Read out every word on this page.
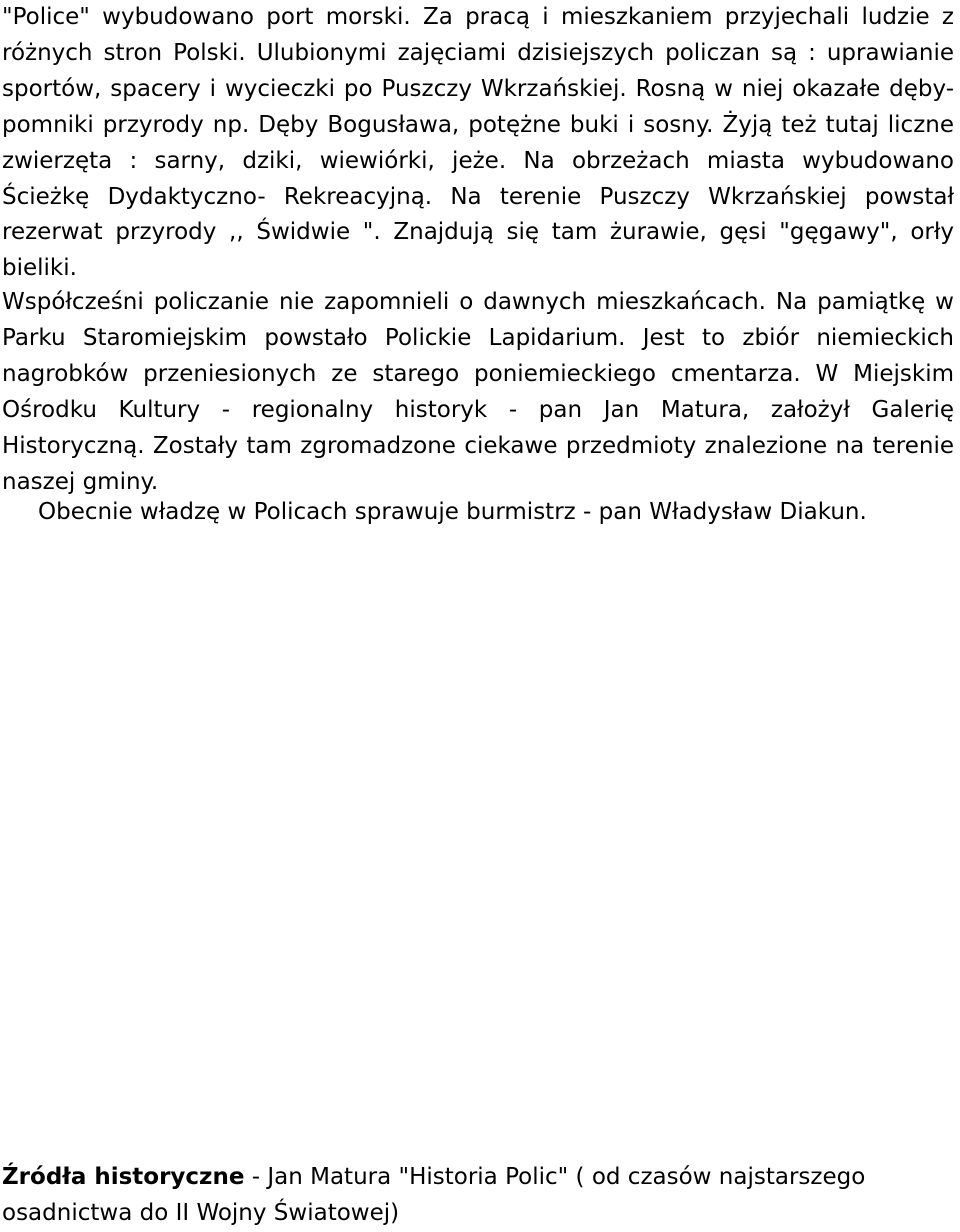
"Police" wybudowano port morski. Za pracą i mieszkaniem przyjechali ludzie z
różnych stron Polski. Ulubionymi zajęciami dzisiejszych policzan są : uprawianie
sportów, spacery i wycieczki po Puszczy Wkrzańskiej. Rosną w niej okazałe dęby-
pomniki przyrody np. Dęby Bogusława, potężne buki i sosny. Żyją też tutaj liczne
zwierzęta : sarny, dziki, wiewiórki, jeże. Na obrzeżach miasta wybudowano
Ścieżkę Dydaktyczno- Rekreacyjną. Na terenie Puszczy Wkrzańskiej powstał
rezerwat przyrody ,, Świdwie ". Znajdują się tam żurawie, gęsi "gęgawy", orły
bieliki.
Współcześni policzanie nie zapomnieli o dawnych mieszkańcach. Na pamiątkę w
Parku Staromiejskim powstało Polickie Lapidarium. Jest to zbiór niemieckich
nagrobków przeniesionych ze starego poniemieckiego cmentarza. W Miejskim
Ośrodku Kultury - regionalny historyk - pan Jan Matura, założył Galerię
Historyczną. Zostały tam zgromadzone ciekawe przedmioty znalezione na terenie
naszej gminy.
Obecnie władzę w Policach sprawuje burmistrz - pan Władysław Diakun.
Źródła historyczne - Jan Matura "Historia Polic" ( od czasów najstarszego
osadnictwa do II Wojny Światowej)
